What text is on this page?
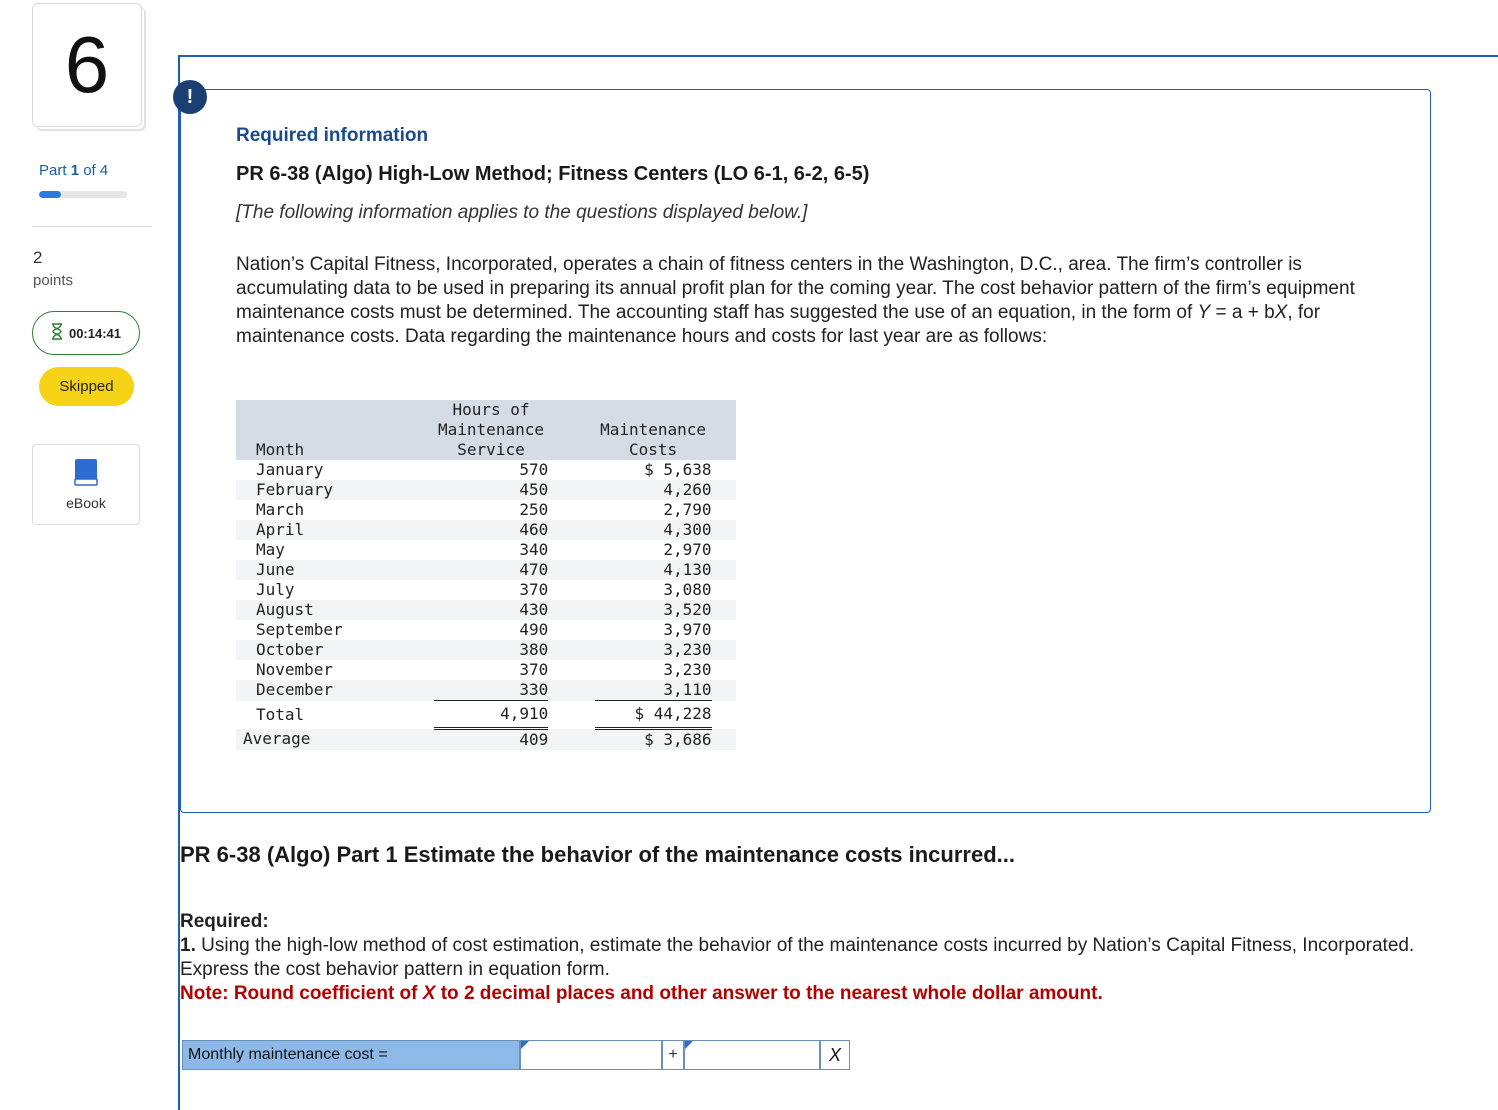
6
Part 1 of 4
2
points
00:14:41
Skipped
eBook
!
Required information
PR 6-38 (Algo) High-Low Method; Fitness Centers (LO 6-1, 6-2, 6-5)
[The following information applies to the questions displayed below.]
Nation’s Capital Fitness, Incorporated, operates a chain of fitness centers in the Washington, D.C., area. The firm’s controller is accumulating data to be used in preparing its annual profit plan for the coming year. The cost behavior pattern of the firm’s equipment maintenance costs must be determined. The accounting staff has suggested the use of an equation, in the form of Y = a + bX, for maintenance costs. Data regarding the maintenance hours and costs for last year are as follows:
Month	Hours of
Maintenance
Service		Maintenance
Costs	
January	570		$ 5,638	
February	450		4,260	
March	250		2,790	
April	460		4,300	
May	340		2,970	
June	470		4,130	
July	370		3,080	
August	430		3,520	
September	490		3,970	
October	380		3,230	
November	370		3,230	
December	330		3,110	
Total	4,910		$ 44,228	
Average	409		$ 3,686	
PR 6-38 (Algo) Part 1 Estimate the behavior of the maintenance costs incurred...
Required:
1. Using the high-low method of cost estimation, estimate the behavior of the maintenance costs incurred by Nation’s Capital Fitness, Incorporated. Express the cost behavior pattern in equation form.
Note: Round coefficient of X to 2 decimal places and other answer to the nearest whole dollar amount.
Monthly maintenance cost =	+	X
